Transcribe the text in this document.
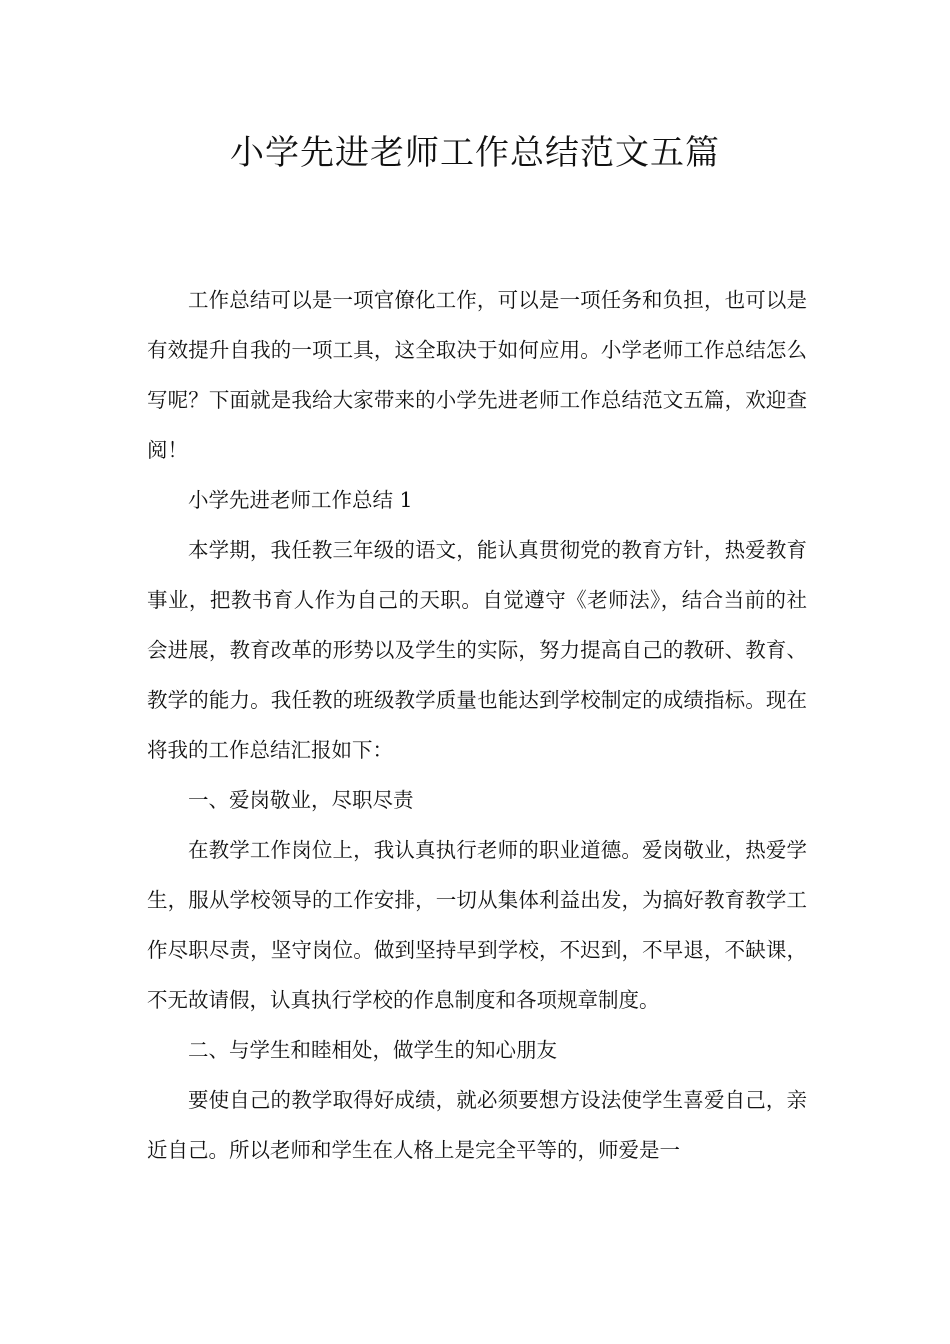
小学先进老师工作总结范文五篇

工作总结可以是一项官僚化工作，可以是一项任务和负担，也可以是有效提升自我的一项工具，这全取决于如何应用。小学老师工作总结怎么写呢？下面就是我给大家带来的小学先进老师工作总结范文五篇，欢迎查阅！

小学先进老师工作总结 1

本学期，我任教三年级的语文，能认真贯彻党的教育方针，热爱教育事业，把教书育人作为自己的天职。自觉遵守《老师法》，结合当前的社会进展，教育改革的形势以及学生的实际，努力提高自己的教研、教育、教学的能力。我任教的班级教学质量也能达到学校制定的成绩指标。现在将我的工作总结汇报如下：

一、爱岗敬业，尽职尽责

在教学工作岗位上，我认真执行老师的职业道德。爱岗敬业，热爱学生，服从学校领导的工作安排，一切从集体利益出发，为搞好教育教学工作尽职尽责，坚守岗位。做到坚持早到学校，不迟到，不早退，不缺课，不无故请假，认真执行学校的作息制度和各项规章制度。

二、与学生和睦相处，做学生的知心朋友

要使自己的教学取得好成绩，就必须要想方设法使学生喜爱自己，亲近自己。所以老师和学生在人格上是完全平等的，师爱是一
